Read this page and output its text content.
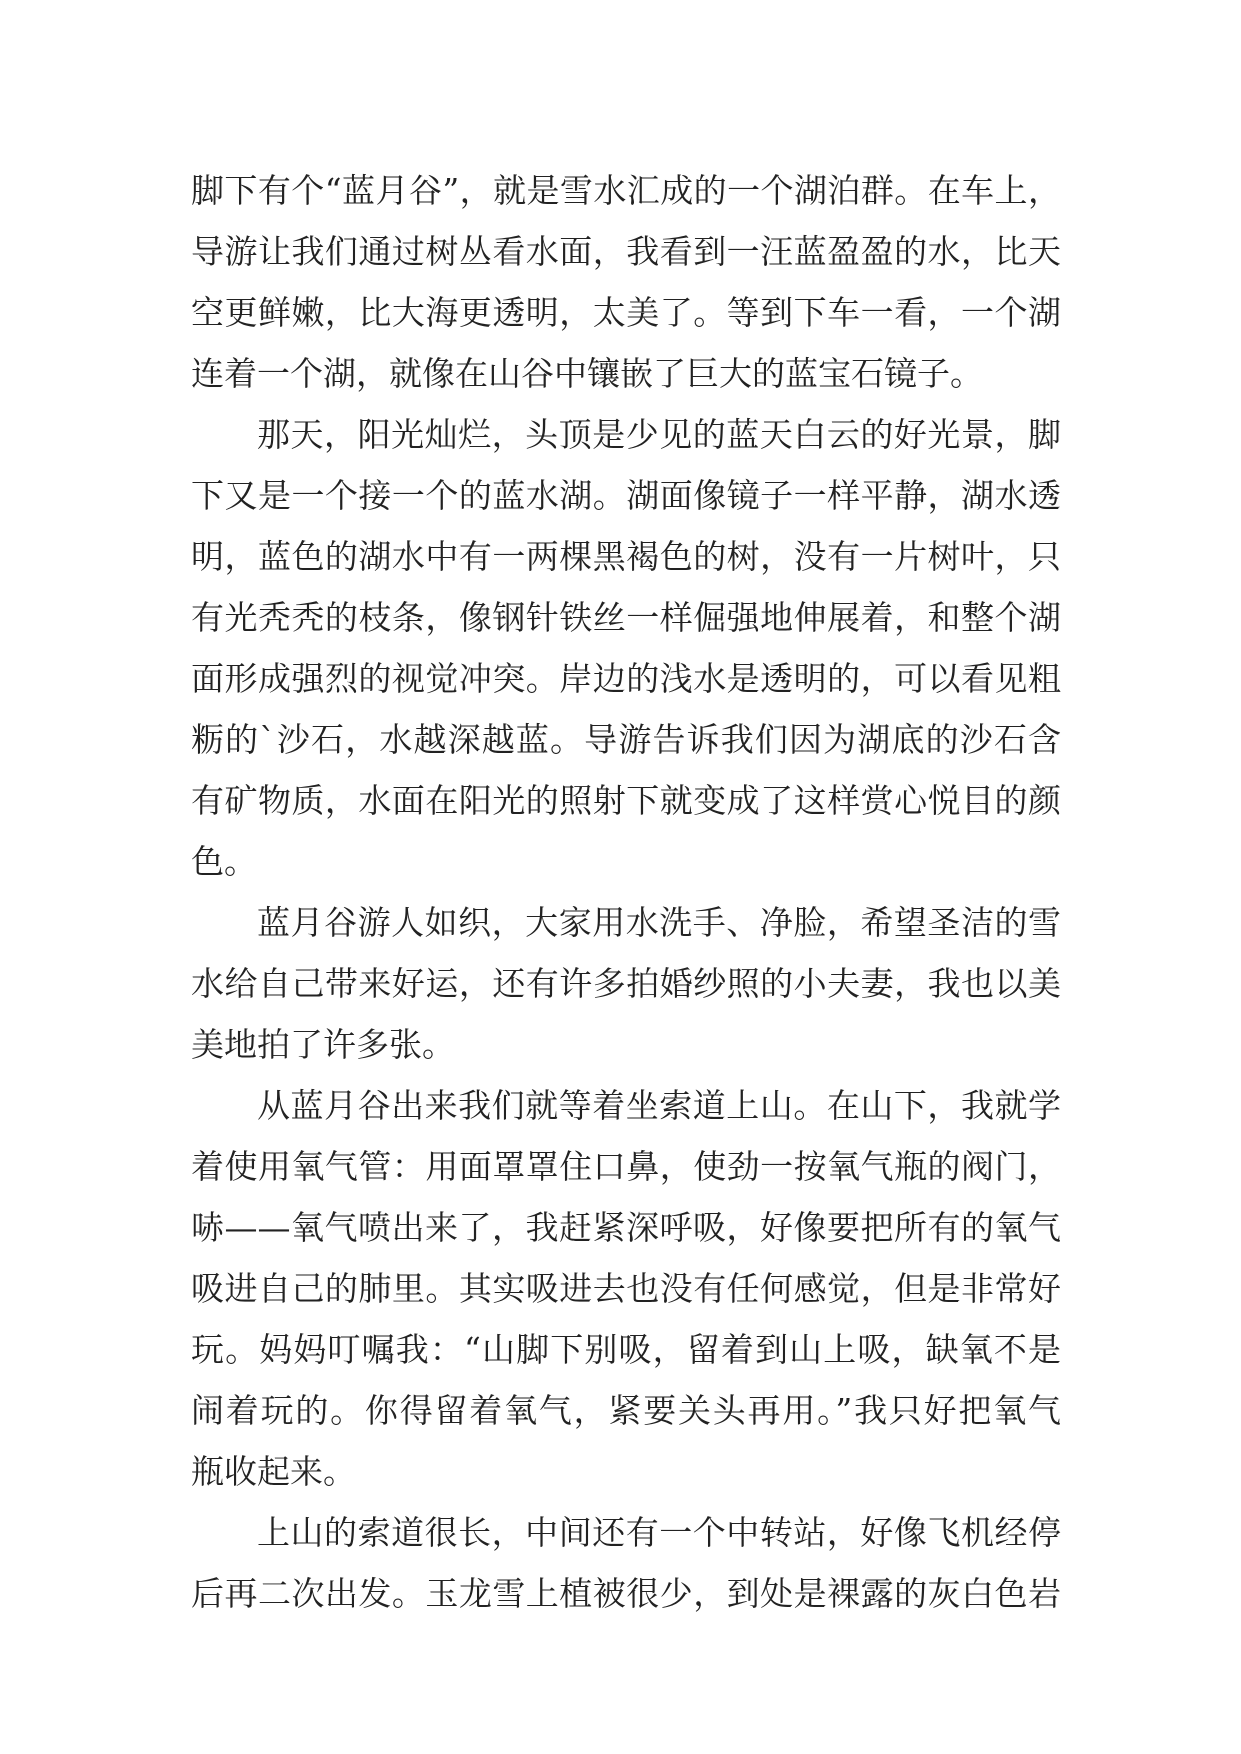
脚下有个“蓝月谷”，就是雪水汇成的一个湖泊群。在车上，
导游让我们通过树丛看水面，我看到一汪蓝盈盈的水，比天
空更鲜嫩，比大海更透明，太美了。等到下车一看，一个湖
连着一个湖，就像在山谷中镶嵌了巨大的蓝宝石镜子。
那天，阳光灿烂，头顶是少见的蓝天白云的好光景，脚
下又是一个接一个的蓝水湖。湖面像镜子一样平静，湖水透
明，蓝色的湖水中有一两棵黑褐色的树，没有一片树叶，只
有光秃秃的枝条，像钢针铁丝一样倔强地伸展着，和整个湖
面形成强烈的视觉冲突。岸边的浅水是透明的，可以看见粗
粝的`沙石，水越深越蓝。导游告诉我们因为湖底的沙石含
有矿物质，水面在阳光的照射下就变成了这样赏心悦目的颜
色。
蓝月谷游人如织，大家用水洗手、净脸，希望圣洁的雪
水给自己带来好运，还有许多拍婚纱照的小夫妻，我也以美
美地拍了许多张。
从蓝月谷出来我们就等着坐索道上山。在山下，我就学
着使用氧气管：用面罩罩住口鼻，使劲一按氧气瓶的阀门，
哧——氧气喷出来了，我赶紧深呼吸，好像要把所有的氧气
吸进自己的肺里。其实吸进去也没有任何感觉，但是非常好
玩。妈妈叮嘱我：“山脚下别吸，留着到山上吸，缺氧不是
闹着玩的。你得留着氧气，紧要关头再用。”我只好把氧气
瓶收起来。
上山的索道很长，中间还有一个中转站，好像飞机经停
后再二次出发。玉龙雪上植被很少，到处是裸露的灰白色岩
